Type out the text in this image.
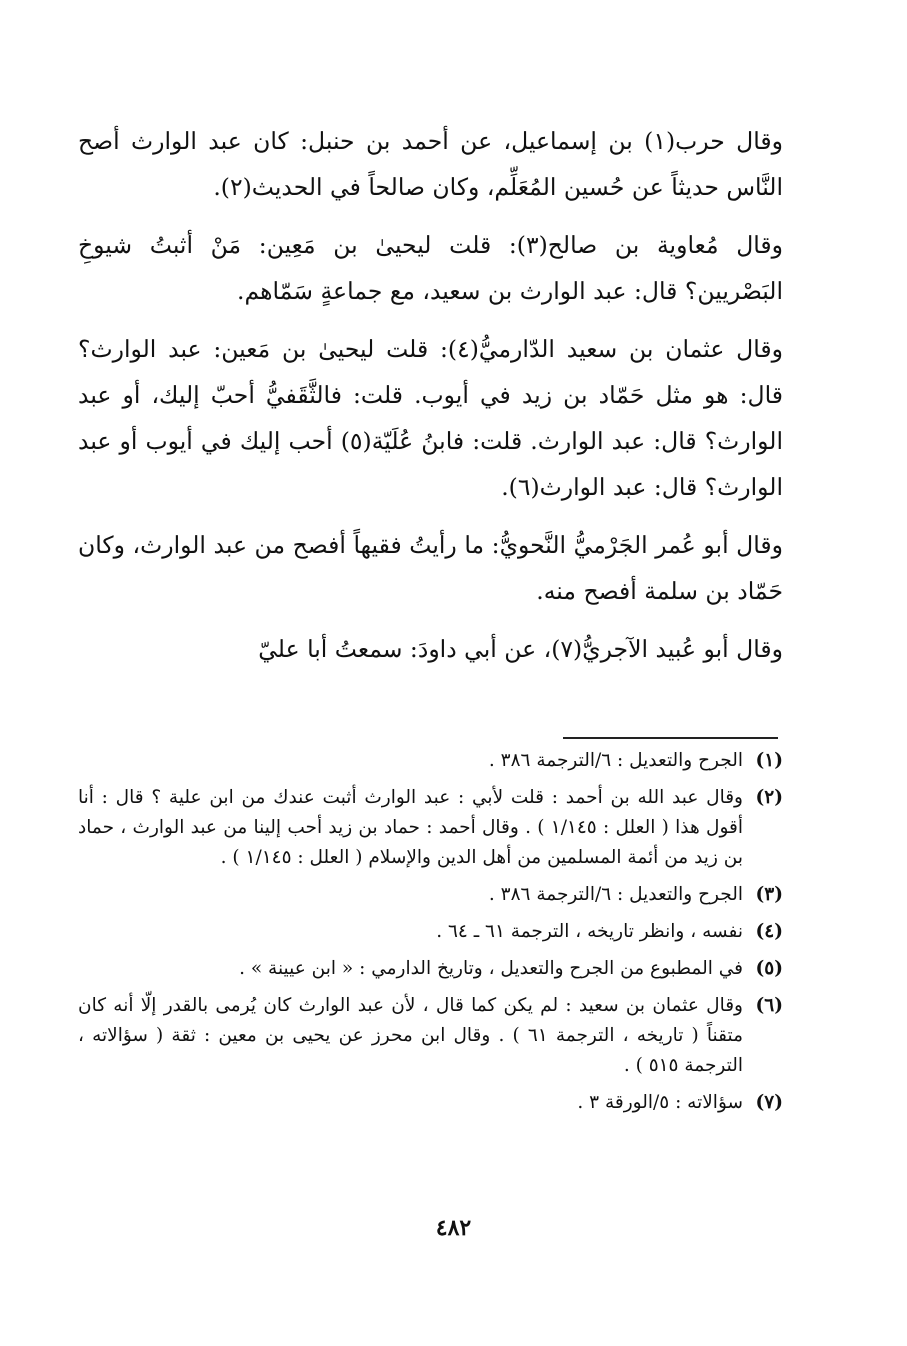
وقال حرب(١) بن إسماعيل، عن أحمد بن حنبل: كان عبد الوارث أصح النَّاس حديثاً عن حُسين المُعَلِّم، وكان صالحاً في الحديث(٢).

وقال مُعاوية بن صالح(٣): قلت ليحيىٰ بن مَعِين: مَنْ أثبتُ شيوخِ البَصْريين؟ قال: عبد الوارث بن سعيد، مع جماعةٍ سَمّاهم.

وقال عثمان بن سعيد الدّارميُّ(٤): قلت ليحيىٰ بن مَعين: عبد الوارث؟ قال: هو مثل حَمّاد بن زيد في أيوب. قلت: فالثَّقَفيُّ أحبّ إليك، أو عبد الوارث؟ قال: عبد الوارث. قلت: فابنُ عُلَيّة(٥) أحب إليك في أيوب أو عبد الوارث؟ قال: عبد الوارث(٦).

وقال أبو عُمر الجَرْميُّ النَّحويُّ: ما رأيتُ فقيهاً أفصح من عبد الوارث، وكان حَمّاد بن سلمة أفصح منه.

وقال أبو عُبيد الآجريُّ(٧)، عن أبي داودَ: سمعتُ أبا عليّ

(١)
الجرح والتعديل : ٦/الترجمة ٣٨٦ .
(٢)
وقال عبد الله بن أحمد : قلت لأبي : عبد الوارث أثبت عندك من ابن علية ؟ قال : أنا أقول هذا ( العلل : ١/١٤٥ ) . وقال أحمد : حماد بن زيد أحب إلينا من عبد الوارث ، حماد بن زيد من أئمة المسلمين من أهل الدين والإسلام ( العلل : ١/١٤٥ ) .
(٣)
الجرح والتعديل : ٦/الترجمة ٣٨٦ .
(٤)
نفسه ، وانظر تاريخه ، الترجمة ٦١ ـ ٦٤ .
(٥)
في المطبوع من الجرح والتعديل ، وتاريخ الدارمي : « ابن عيينة » .
(٦)
وقال عثمان بن سعيد : لم يكن كما قال ، لأن عبد الوارث كان يُرمى بالقدر إلّا أنه كان متقناً ( تاريخه ، الترجمة ٦١ ) . وقال ابن محرز عن يحيى بن معين : ثقة ( سؤالاته ، الترجمة ٥١٥ ) .
(٧)
سؤالاته : ٥/الورقة ٣ .
٤٨٢
